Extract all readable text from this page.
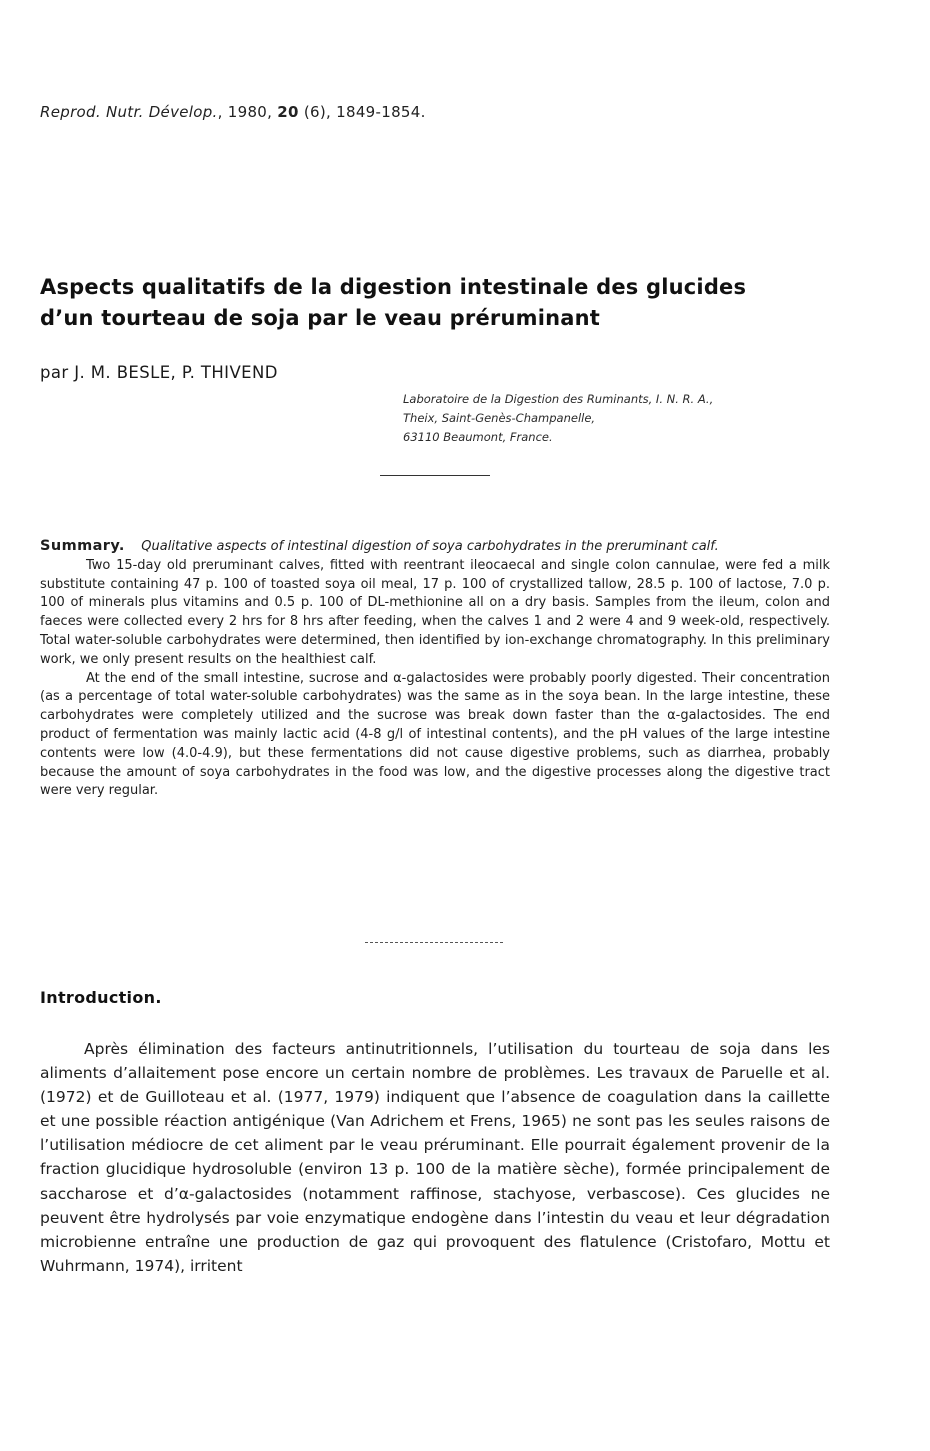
Reprod. Nutr. Dévelop., 1980, 20 (6), 1849-1854.
Aspects qualitatifs de la digestion intestinale des glucides d’un tourteau de soja par le veau préruminant
par J. M. BESLE, P. THIVEND
Laboratoire de la Digestion des Ruminants, I. N. R. A.,
Theix, Saint-Genès-Champanelle,
63110 Beaumont, France.

Summary. Qualitative aspects of intestinal digestion of soya carbohydrates in the preruminant calf.

Two 15-day old preruminant calves, fitted with reentrant ileocaecal and single colon cannulae, were fed a milk substitute containing 47 p. 100 of toasted soya oil meal, 17 p. 100 of crystallized tallow, 28.5 p. 100 of lactose, 7.0 p. 100 of minerals plus vitamins and 0.5 p. 100 of DL-methionine all on a dry basis. Samples from the ileum, colon and faeces were collected every 2 hrs for 8 hrs after feeding, when the calves 1 and 2 were 4 and 9 week-old, respectively. Total water-soluble carbohydrates were determined, then identified by ion-exchange chromatography. In this preliminary work, we only present results on the healthiest calf.

At the end of the small intestine, sucrose and α-galactosides were probably poorly digested. Their concentration (as a percentage of total water-soluble carbohydrates) was the same as in the soya bean. In the large intestine, these carbohydrates were completely utilized and the sucrose was break down faster than the α-galactosides. The end product of fermentation was mainly lactic acid (4-8 g/l of intestinal contents), and the pH values of the large intestine contents were low (4.0-4.9), but these fermentations did not cause digestive problems, such as diarrhea, probably because the amount of soya carbohydrates in the food was low, and the digestive processes along the digestive tract were very regular.

Introduction.

Après élimination des facteurs antinutritionnels, l’utilisation du tourteau de soja dans les aliments d’allaitement pose encore un certain nombre de problèmes. Les travaux de Paruelle et al. (1972) et de Guilloteau et al. (1977, 1979) indiquent que l’absence de coagulation dans la caillette et une possible réaction antigénique (Van Adrichem et Frens, 1965) ne sont pas les seules raisons de l’utilisation médiocre de cet aliment par le veau préruminant. Elle pourrait également provenir de la fraction glucidique hydrosoluble (environ 13 p. 100 de la matière sèche), formée principalement de saccharose et d’α-galactosides (notamment raffinose, stachyose, verbascose). Ces glucides ne peuvent être hydrolysés par voie enzymatique endogène dans l’intestin du veau et leur dégradation microbienne entraîne une production de gaz qui provoquent des flatulence (Cristofaro, Mottu et Wuhrmann, 1974), irritent
